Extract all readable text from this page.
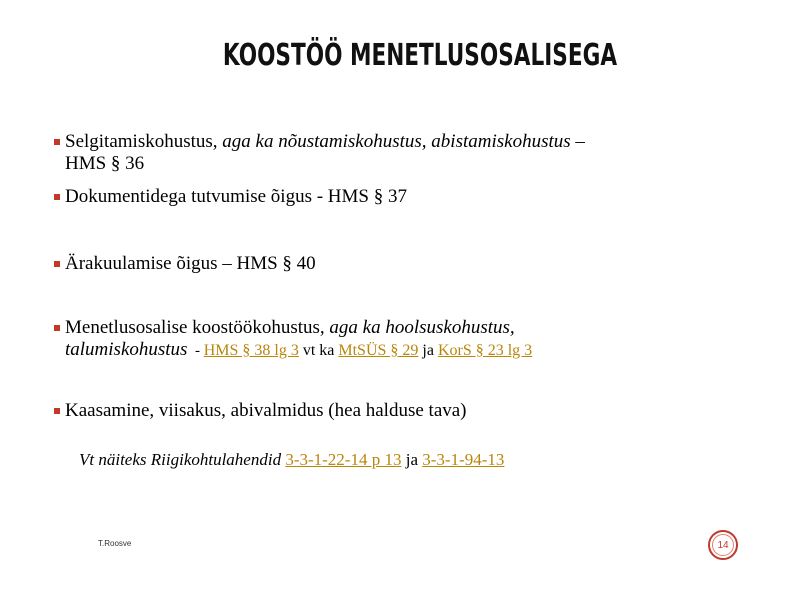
KOOSTÖÖ MENETLUSOSALISEGA
Selgitamiskohustus, aga ka nõustamiskohustus, abistamiskohustus –
HMS § 36
Dokumentidega tutvumise õigus - HMS § 37
Ärakuulamise õigus – HMS § 40
Menetlusosalise koostöökohustus, aga ka hoolsuskohustus,
talumiskohustus  - HMS § 38 lg 3 vt ka MtSÜS § 29 ja KorS § 23 lg 3
Kaasamine, viisakus, abivalmidus (hea halduse tava)
Vt näiteks Riigikohtulahendid 3-3-1-22-14 p 13 ja 3-3-1-94-13
T.Roosve	14
